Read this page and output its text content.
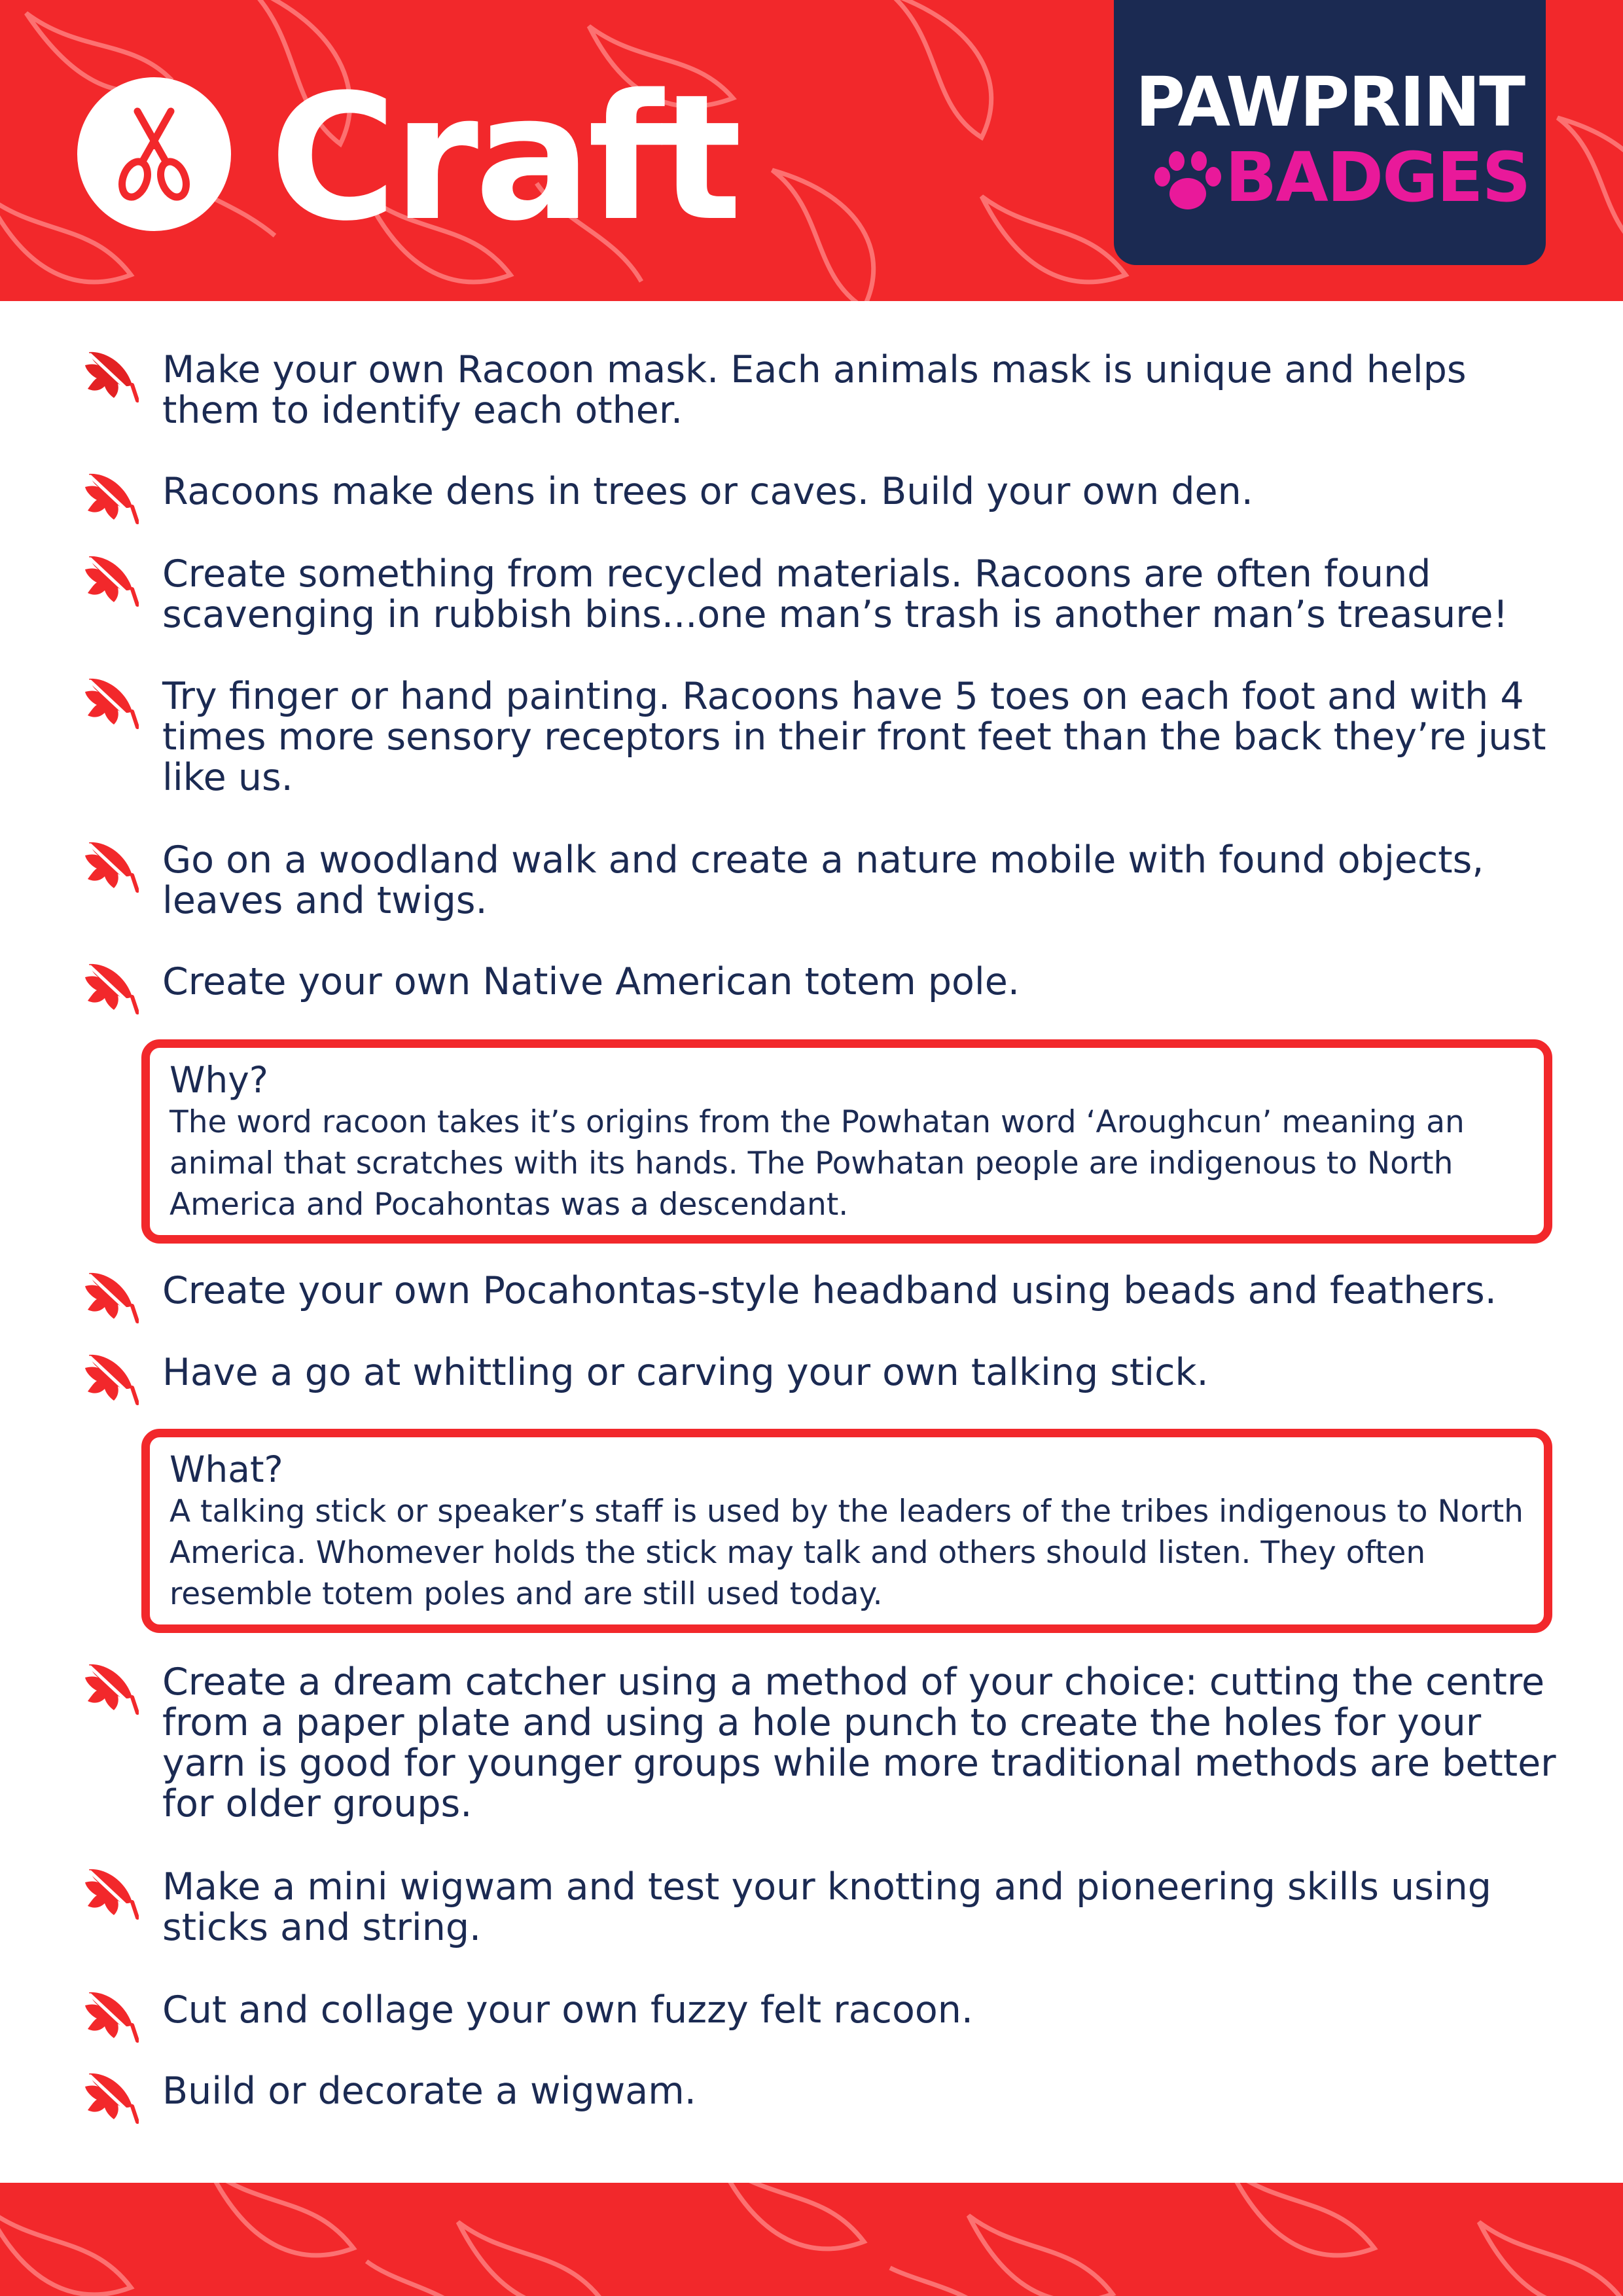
Craft	PAWPRINT
BADGES
Make your own Racoon mask. Each animals mask is unique and helps them to identify each other.
Racoons make dens in trees or caves. Build your own den.
Create something from recycled materials. Racoons are often found scavenging in rubbish bins...one man’s trash is another man’s treasure!
Try finger or hand painting. Racoons have 5 toes on each foot and with 4 times more sensory receptors in their front feet than the back they’re just like us.
Go on a woodland walk and create a nature mobile with found objects, leaves and twigs.
Create your own Native American totem pole.
Why?
The word racoon takes it’s origins from the Powhatan word ‘Aroughcun’ meaning an animal that scratches with its hands. The Powhatan people are indigenous to North America and Pocahontas was a descendant.
Create your own Pocahontas-style headband using beads and feathers.
Have a go at whittling or carving your own talking stick.
What?
A talking stick or speaker’s staff is used by the leaders of the tribes indigenous to North America. Whomever holds the stick may talk and others should listen. They often resemble totem poles and are still used today.
Create a dream catcher using a method of your choice: cutting the centre from a paper plate and using a hole punch to create the holes for your yarn is good for younger groups while more traditional methods are better for older groups.
Make a mini wigwam and test your knotting and pioneering skills using sticks and string.
Cut and collage your own fuzzy felt racoon.
Build or decorate a wigwam.
